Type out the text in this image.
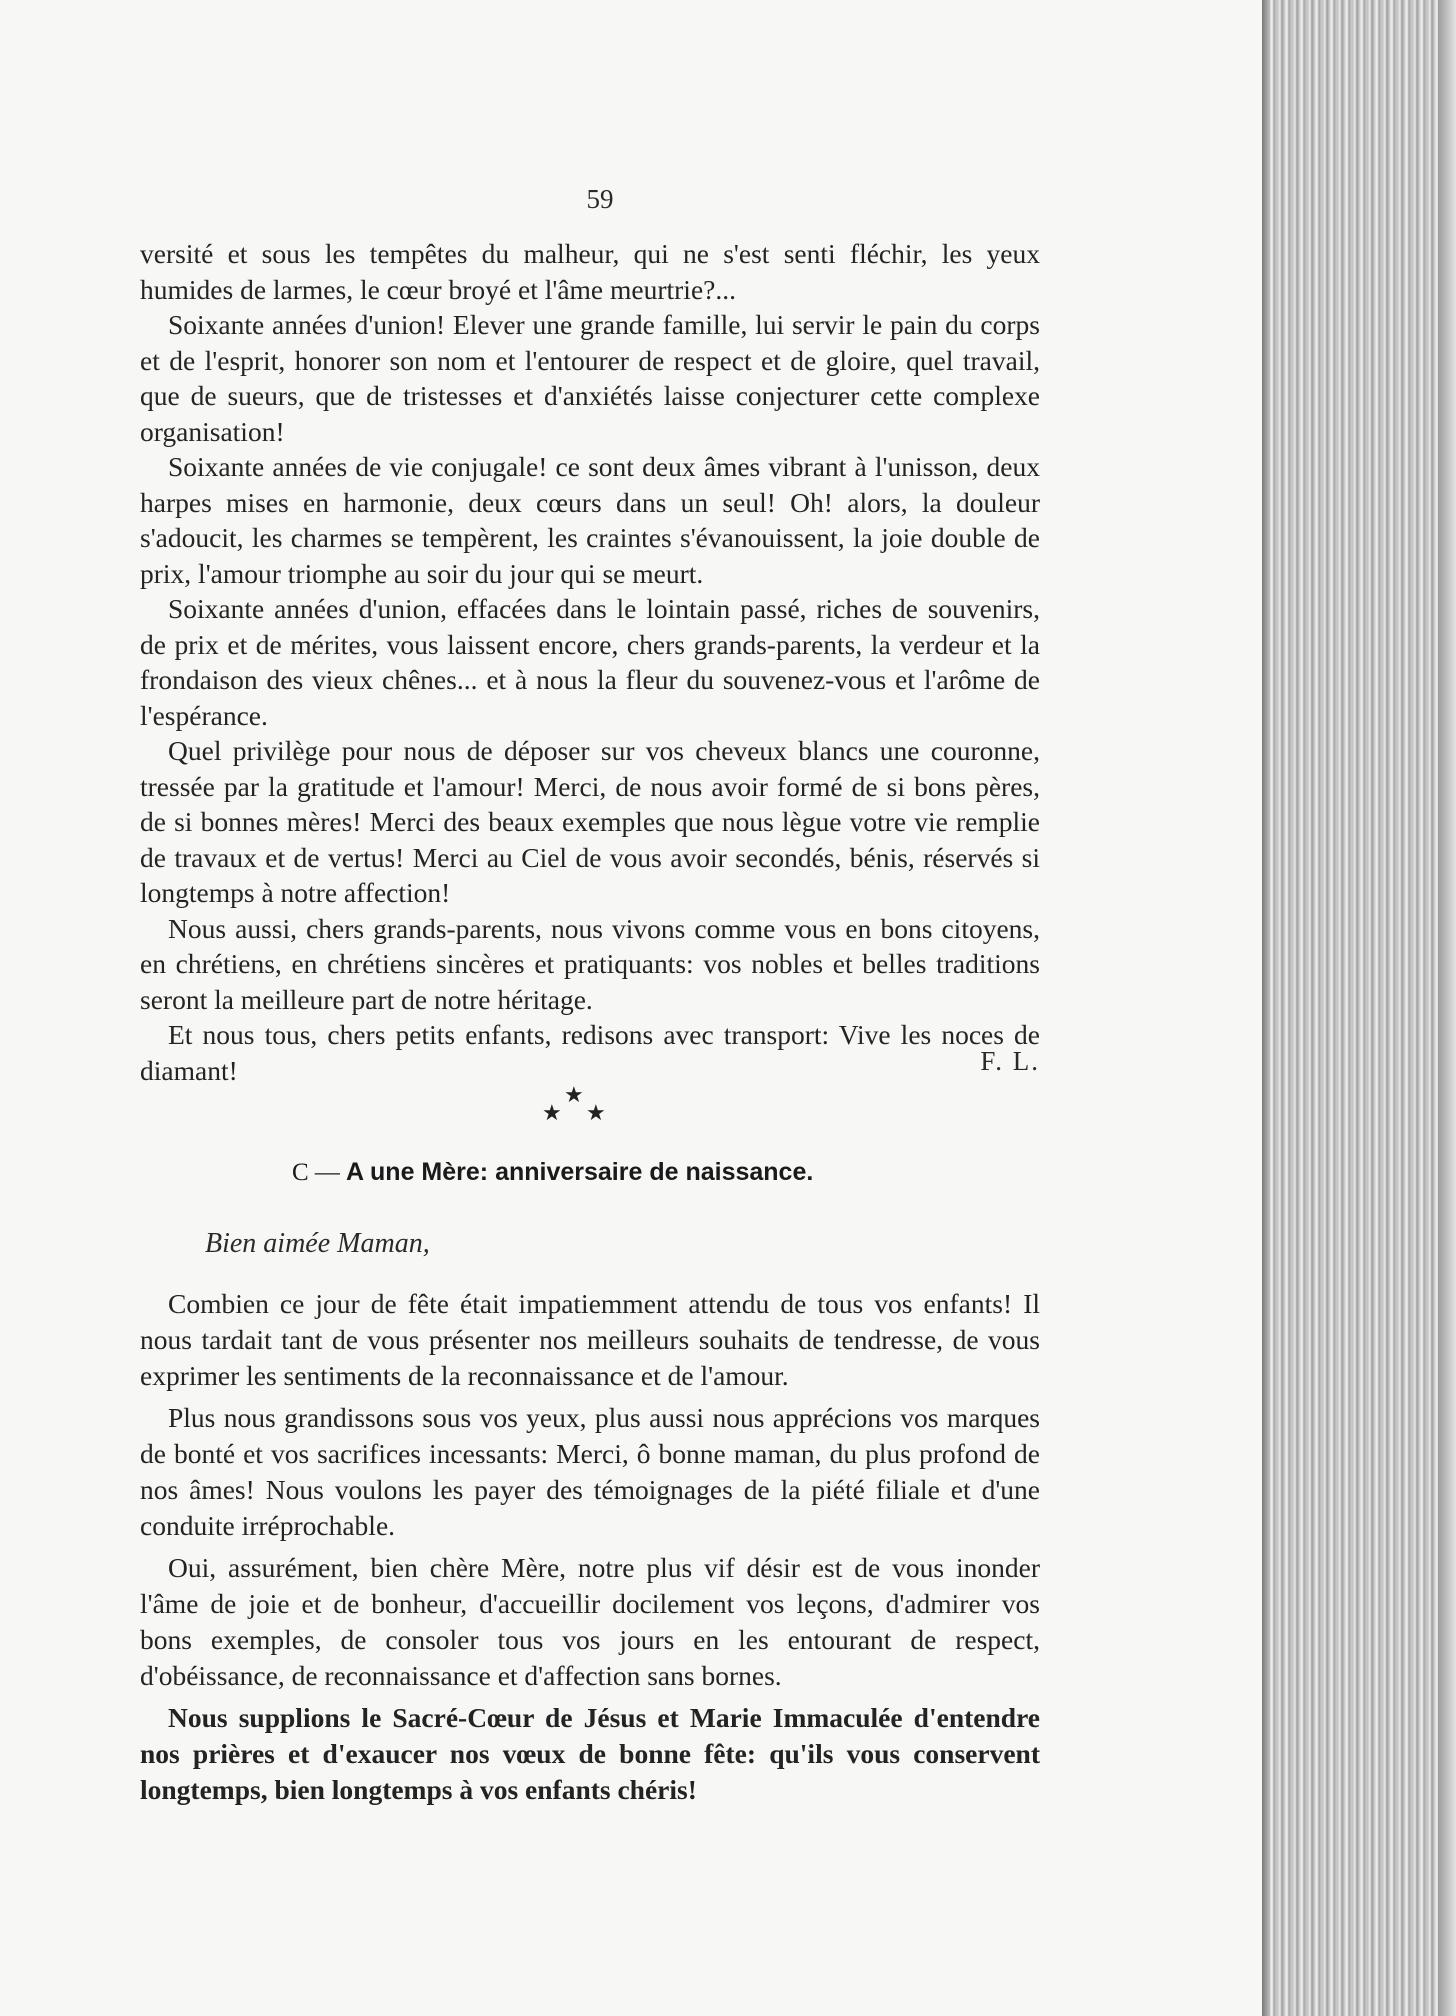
59
versité et sous les tempêtes du malheur, qui ne s'est senti fléchir, les yeux humides de larmes, le cœur broyé et l'âme meurtrie?...
Soixante années d'union! Elever une grande famille, lui servir le pain du corps et de l'esprit, honorer son nom et l'entourer de respect et de gloire, quel travail, que de sueurs, que de tristesses et d'anxiétés laisse conjecturer cette complexe organisation!
Soixante années de vie conjugale! ce sont deux âmes vibrant à l'unisson, deux harpes mises en harmonie, deux cœurs dans un seul! Oh! alors, la douleur s'adoucit, les charmes se tempèrent, les craintes s'évanouissent, la joie double de prix, l'amour triomphe au soir du jour qui se meurt.
Soixante années d'union, effacées dans le lointain passé, riches de souvenirs, de prix et de mérites, vous laissent encore, chers grands-parents, la verdeur et la frondaison des vieux chênes... et à nous la fleur du souvenez-vous et l'arôme de l'espérance.
Quel privilège pour nous de déposer sur vos cheveux blancs une couronne, tressée par la gratitude et l'amour! Merci, de nous avoir formé de si bons pères, de si bonnes mères! Merci des beaux exemples que nous lègue votre vie remplie de travaux et de vertus! Merci au Ciel de vous avoir secondés, bénis, réservés si longtemps à notre affection!
Nous aussi, chers grands-parents, nous vivons comme vous en bons citoyens, en chrétiens, en chrétiens sincères et pratiquants: vos nobles et belles traditions seront la meilleure part de notre héritage.
Et nous tous, chers petits enfants, redisons avec transport: Vive les noces de diamant!	F. L.
★
★
★
C — A une Mère: anniversaire de naissance.
Bien aimée Maman,
Combien ce jour de fête était impatiemment attendu de tous vos enfants! Il nous tardait tant de vous présenter nos meilleurs souhaits de tendresse, de vous exprimer les sentiments de la reconnaissance et de l'amour.
Plus nous grandissons sous vos yeux, plus aussi nous apprécions vos marques de bonté et vos sacrifices incessants: Merci, ô bonne maman, du plus profond de nos âmes! Nous voulons les payer des témoignages de la piété filiale et d'une conduite irréprochable.
Oui, assurément, bien chère Mère, notre plus vif désir est de vous inonder l'âme de joie et de bonheur, d'accueillir docilement vos leçons, d'admirer vos bons exemples, de consoler tous vos jours en les entourant de respect, d'obéissance, de reconnaissance et d'affection sans bornes.
Nous supplions le Sacré-Cœur de Jésus et Marie Immaculée d'entendre nos prières et d'exaucer nos vœux de bonne fête: qu'ils vous conservent longtemps, bien longtemps à vos enfants chéris!
